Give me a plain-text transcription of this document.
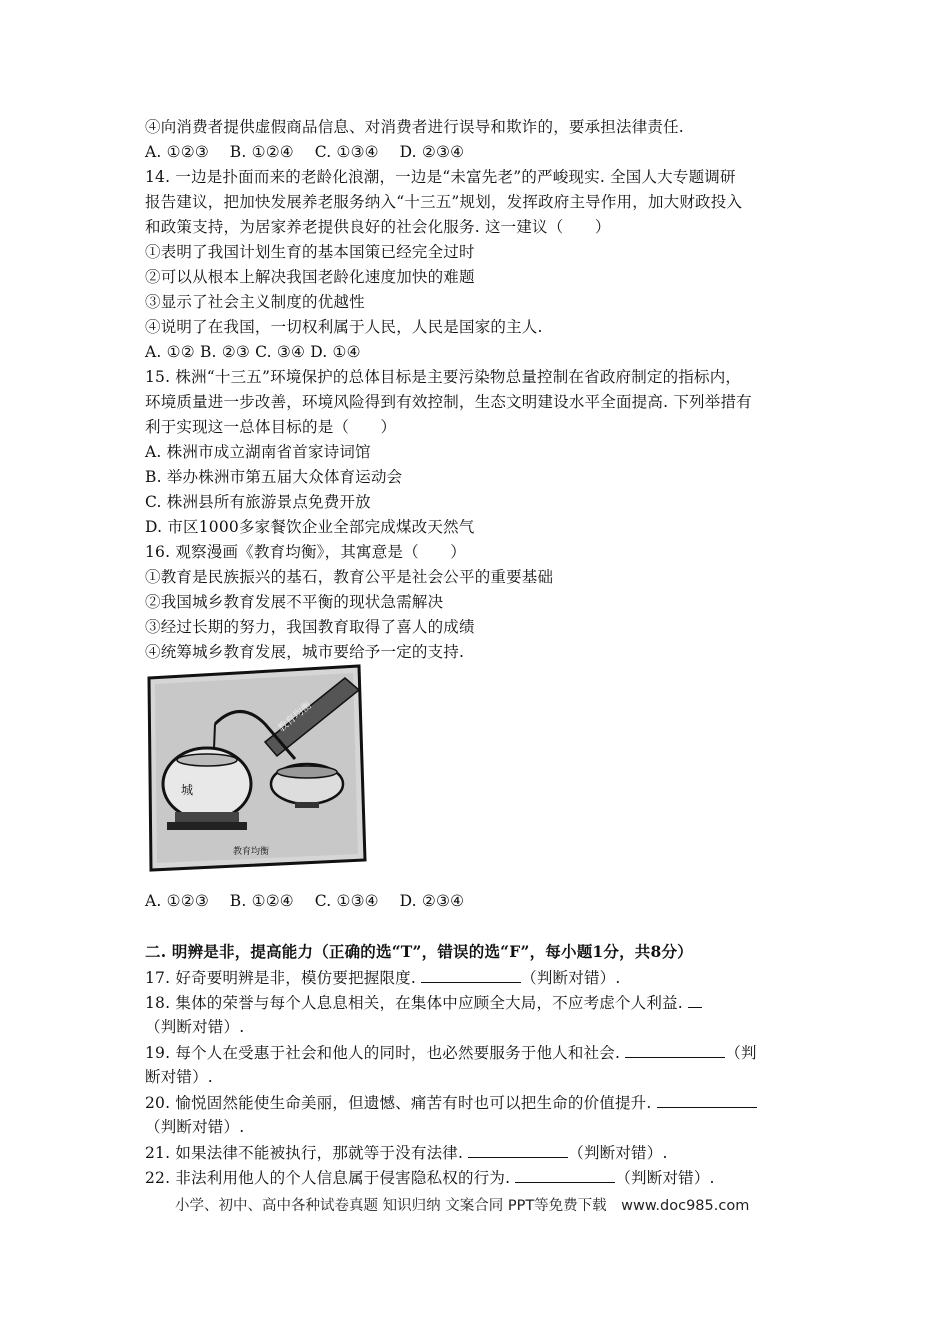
④向消费者提供虚假商品信息、对消费者进行误导和欺诈的，要承担法律责任.
A. ①②③　 B. ①②④　 C. ①③④　 D. ②③④
14. 一边是扑面而来的老龄化浪潮，一边是“未富先老”的严峻现实. 全国人大专题调研
报告建议，把加快发展养老服务纳入“十三五”规划，发挥政府主导作用，加大财政投入
和政策支持，为居家养老提供良好的社会化服务. 这一建议（　　）
①表明了我国计划生育的基本国策已经完全过时
②可以从根本上解决我国老龄化速度加快的难题
③显示了社会主义制度的优越性
④说明了在我国，一切权利属于人民，人民是国家的主人.
A. ①② B. ②③ C. ③④ D. ①④
15. 株洲“十三五”环境保护的总体目标是主要污染物总量控制在省政府制定的指标内，
环境质量进一步改善，环境风险得到有效控制，生态文明建设水平全面提高. 下列举措有
利于实现这一总体目标的是（　　）
A. 株洲市成立湖南省首家诗词馆
B. 举办株洲市第五届大众体育运动会
C. 株洲县所有旅游景点免费开放
D. 市区1000多家餐饮企业全部完成煤改天然气
16. 观察漫画《教育均衡》，其寓意是（　　）
①教育是民族振兴的基石，教育公平是社会公平的重要基础
②我国城乡教育发展不平衡的现状急需解决
③经过长期的努力，我国教育取得了喜人的成绩
④统筹城乡教育发展，城市要给予一定的支持.
教育均衡
城
教育均衡
A. ①②③　 B. ①②④　 C. ①③④　 D. ②③④
二. 明辨是非，提高能力（正确的选“T”，错误的选“F”，每小题1分，共8分）
17. 好奇要明辨是非，模仿要把握限度.	（判断对错）.
18. 集体的荣誉与每个人息息相关，在集体中应顾全大局，不应考虑个人利益.
（判断对错）.
19. 每个人在受惠于社会和他人的同时，也必然要服务于他人和社会.	（判
断对错）.
20. 愉悦固然能使生命美丽，但遗憾、痛苦有时也可以把生命的价值提升.
（判断对错）.
21. 如果法律不能被执行，那就等于没有法律.	（判断对错）.
22. 非法利用他人的个人信息属于侵害隐私权的行为.	（判断对错）.
小学、初中、高中各种试卷真题 知识归纳 文案合同 PPT等免费下载　www.doc985.com
